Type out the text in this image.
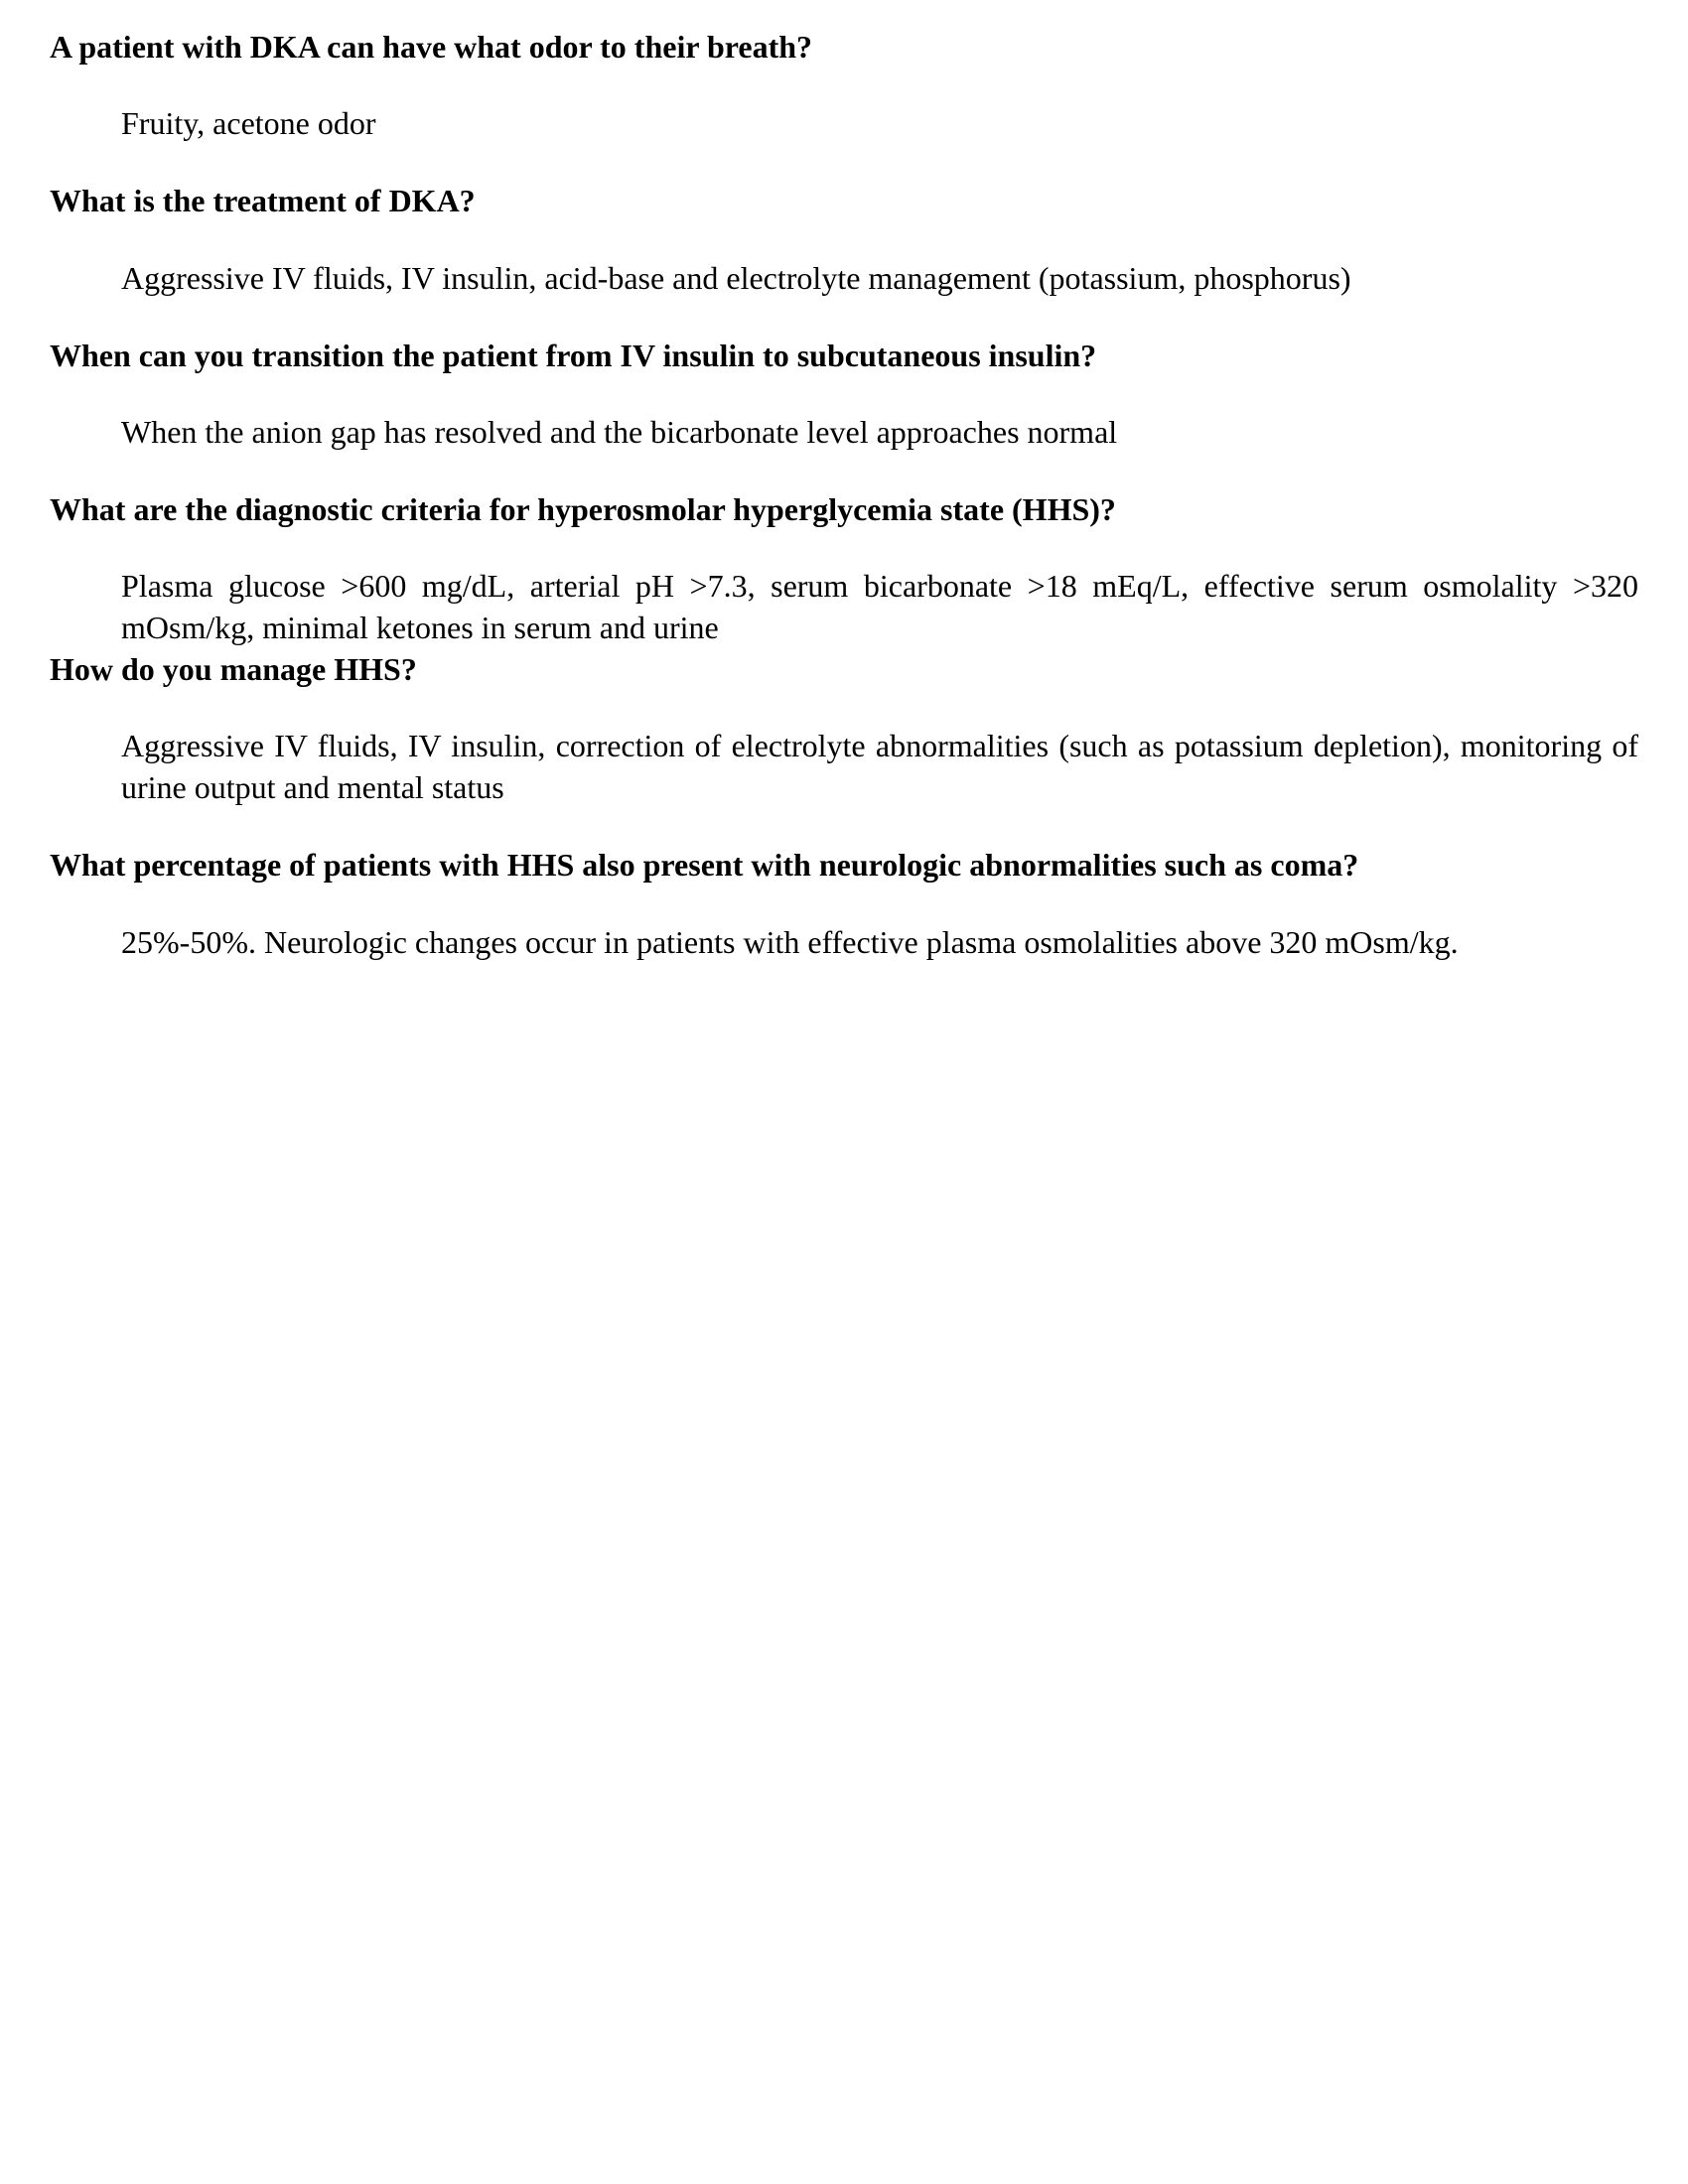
A patient with DKA can have what odor to their breath?

Fruity, acetone odor

What is the treatment of DKA?

Aggressive IV fluids, IV insulin, acid-base and electrolyte management (potassium, phosphorus)

When can you transition the patient from IV insulin to subcutaneous insulin?

When the anion gap has resolved and the bicarbonate level approaches normal

What are the diagnostic criteria for hyperosmolar hyperglycemia state (HHS)?

Plasma glucose >600 mg/dL, arterial pH >7.3, serum bicarbonate >18 mEq/L, effective serum osmolality >320 mOsm/kg, minimal ketones in serum and urine

How do you manage HHS?

Aggressive IV fluids, IV insulin, correction of electrolyte abnormalities (such as potassium depletion), monitoring of urine output and mental status

What percentage of patients with HHS also present with neurologic abnormalities such as coma?

25%-50%. Neurologic changes occur in patients with effective plasma osmolalities above 320 mOsm/kg.
